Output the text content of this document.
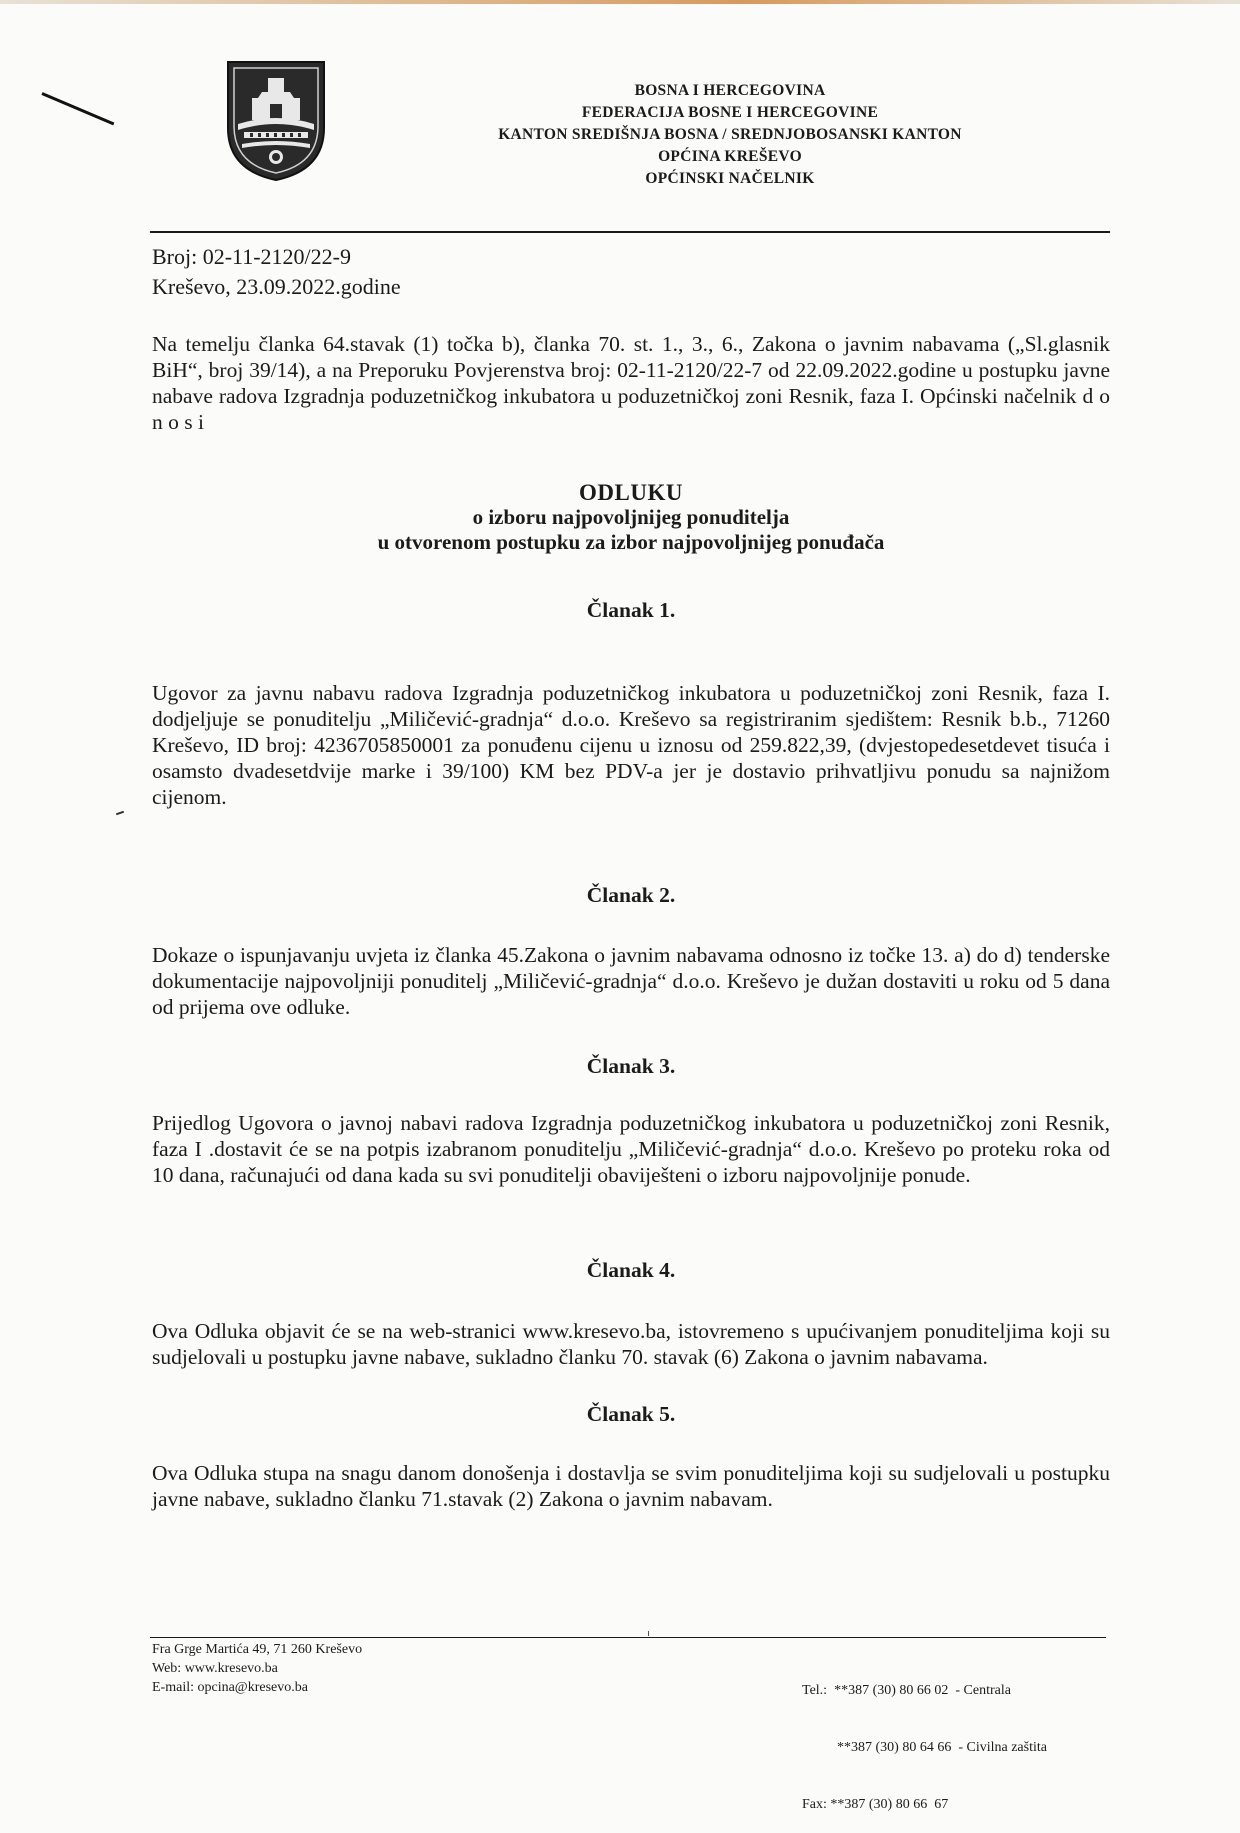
BOSNA I HERCEGOVINA
FEDERACIJA BOSNE I HERCEGOVINE
KANTON SREDIŠNJA BOSNA / SREDNJOBOSANSKI KANTON
OPĆINA KREŠEVO
OPĆINSKI NAČELNIK
Broj: 02-11-2120/22-9
Kreševo, 23.09.2022.godine
Na temelju članka 64.stavak (1) točka b), članka 70. st. 1., 3., 6., Zakona o javnim nabavama („Sl.glasnik BiH“, broj 39/14), a na Preporuku Povjerenstva broj: 02-11-2120/22-7 od 22.09.2022.godine u postupku javne nabave radova Izgradnja poduzetničkog inkubatora u poduzetničkoj zoni Resnik, faza I. Općinski načelnik d o n o s i
ODLUKU
o izboru najpovoljnijeg ponuditelja
u otvorenom postupku za izbor najpovoljnijeg ponuđača
Članak 1.
Ugovor za javnu nabavu radova Izgradnja poduzetničkog inkubatora u poduzetničkoj zoni Resnik, faza I. dodjeljuje se ponuditelju „Miličević-gradnja“ d.o.o. Kreševo sa registriranim sjedištem: Resnik b.b., 71260 Kreševo, ID broj: 4236705850001 za ponuđenu cijenu u iznosu od 259.822,39, (dvjestopedesetdevet tisuća i osamsto dvadesetdvije marke i 39/100) KM bez PDV-a jer je dostavio prihvatljivu ponudu sa najnižom cijenom.
Članak 2.
Dokaze o ispunjavanju uvjeta iz članka 45.Zakona o javnim nabavama odnosno iz točke 13. a) do d) tenderske dokumentacije najpovoljniji ponuditelj „Miličević-gradnja“ d.o.o. Kreševo je dužan dostaviti u roku od 5 dana od prijema ove odluke.
Članak 3.
Prijedlog Ugovora o javnoj nabavi radova Izgradnja poduzetničkog inkubatora u poduzetničkoj zoni Resnik, faza I .dostavit će se na potpis izabranom ponuditelju „Miličević-gradnja“ d.o.o. Kreševo po proteku roka od 10 dana, računajući od dana kada su svi ponuditelji obaviješteni o izboru najpovoljnije ponude.
Članak 4.
Ova Odluka objavit će se na web-stranici www.kresevo.ba, istovremeno s upućivanjem ponuditeljima koji su sudjelovali u postupku javne nabave, sukladno članku 70. stavak (6) Zakona o javnim nabavama.
Članak 5.
Ova Odluka stupa na snagu danom donošenja i dostavlja se svim ponuditeljima koji su sudjelovali u postupku javne nabave, sukladno članku 71.stavak (2) Zakona o javnim nabavam.
Fra Grge Martića 49, 71 260 Kreševo
Web: www.kresevo.ba
E-mail: opcina@kresevo.ba

	Tel.:  **387 (30) 80 66 02  - Centrala

**387 (30) 80 64 66  - Civilna zaštita

Fax: **387 (30) 80 66  67
